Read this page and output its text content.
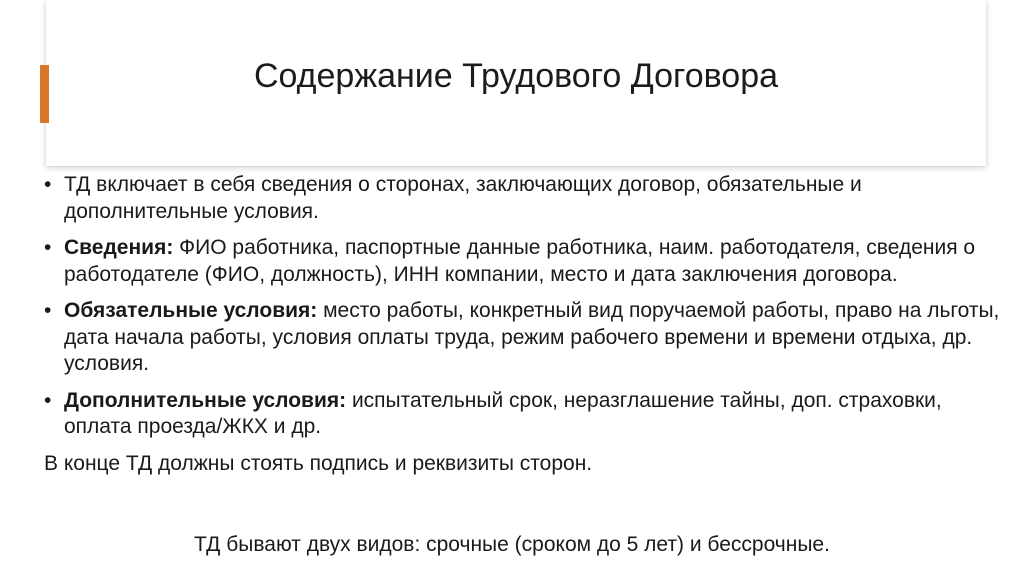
Содержание Трудового Договора
• ТД включает в себя сведения о сторонах, заключающих договор, обязательные и дополнительные условия.
• Сведения: ФИО работника, паспортные данные работника, наим. работодателя, сведения о работодателе (ФИО, должность), ИНН компании, место и дата заключения договора.
• Обязательные условия: место работы, конкретный вид поручаемой работы, право на льготы, дата начала работы, условия оплаты труда, режим рабочего времени и времени отдыха, др. условия.
• Дополнительные условия: испытательный срок, неразглашение тайны, доп. страховки, оплата проезда/ЖКХ и др.
В конце ТД должны стоять подпись и реквизиты сторон.
ТД бывают двух видов: срочные (сроком до 5 лет) и бессрочные.
